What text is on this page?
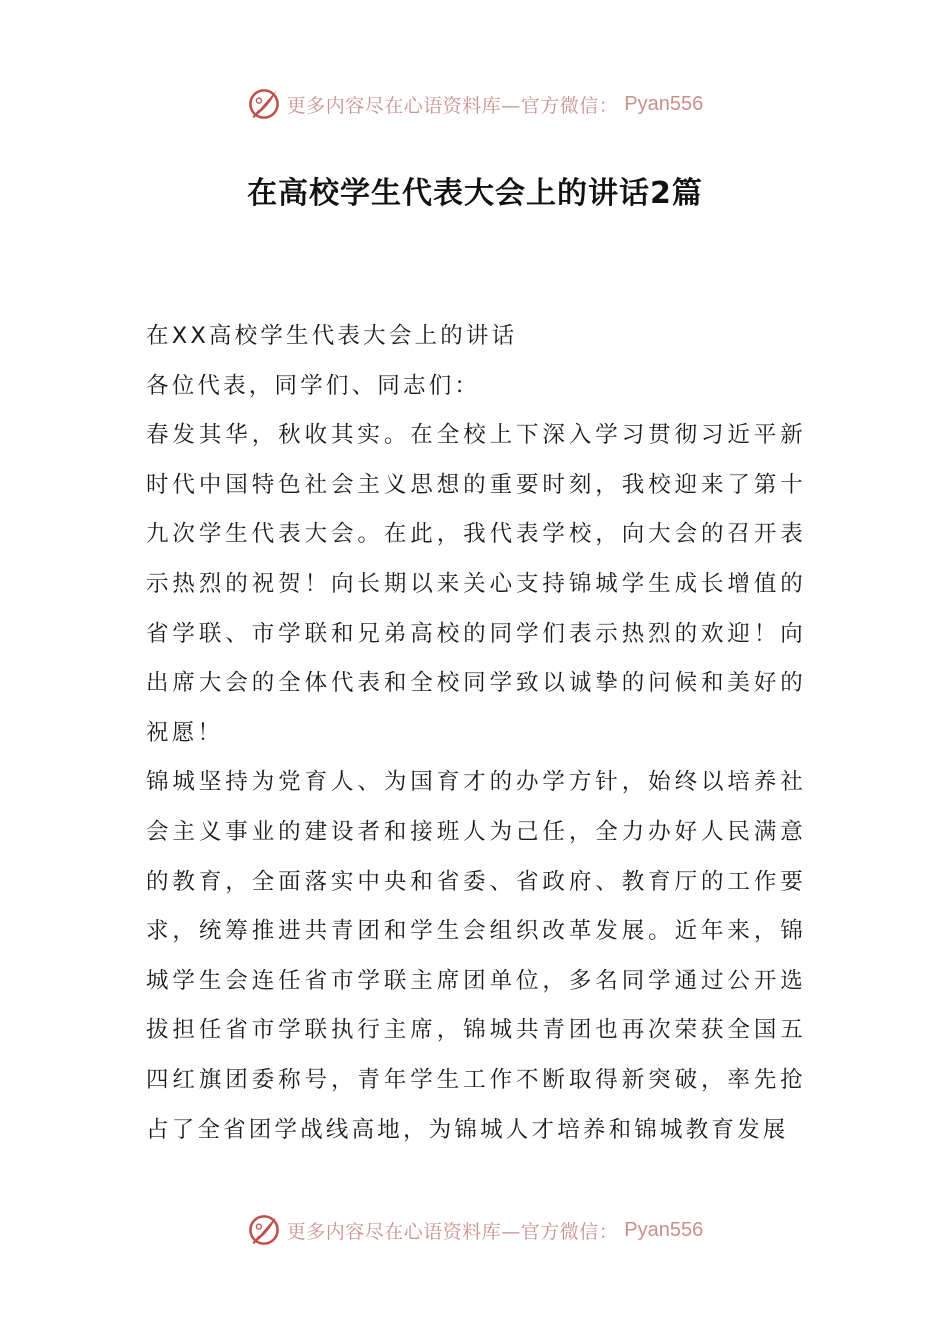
更多内容尽在心语资料库—官方微信： Pyan556
在高校学生代表大会上的讲话2篇

在XX高校学生代表大会上的讲话

各位代表，同学们、同志们：

春发其华，秋收其实。在全校上下深入学习贯彻习近平新时代中国特色社会主义思想的重要时刻，我校迎来了第十九次学生代表大会。在此，我代表学校，向大会的召开表示热烈的祝贺！向长期以来关心支持锦城学生成长增值的省学联、市学联和兄弟高校的同学们表示热烈的欢迎！向出席大会的全体代表和全校同学致以诚挚的问候和美好的祝愿！

锦城坚持为党育人、为国育才的办学方针，始终以培养社会主义事业的建设者和接班人为己任，全力办好人民满意的教育，全面落实中央和省委、省政府、教育厅的工作要求，统筹推进共青团和学生会组织改革发展。近年来，锦城学生会连任省市学联主席团单位，多名同学通过公开选拔担任省市学联执行主席，锦城共青团也再次荣获全国五四红旗团委称号，青年学生工作不断取得新突破，率先抢占了全省团学战线高地，为锦城人才培养和锦城教育发展

更多内容尽在心语资料库—官方微信： Pyan556
